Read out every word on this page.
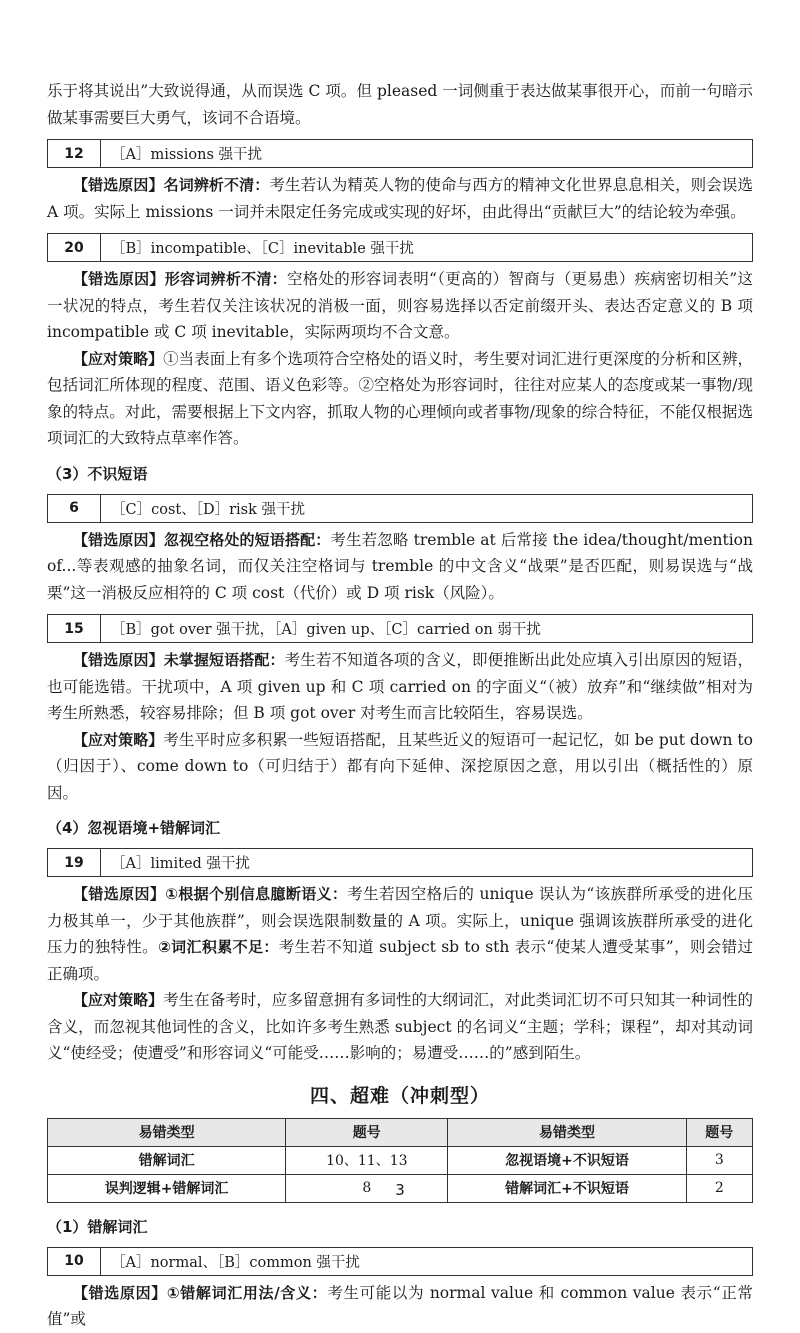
乐于将其说出”大致说得通，从而误选 C 项。但 pleased 一词侧重于表达做某事很开心，而前一句暗示做某事需要巨大勇气，该词不合语境。

12	［A］missions 强干扰

【错选原因】名词辨析不清：考生若认为精英人物的使命与西方的精神文化世界息息相关，则会误选 A 项。实际上 missions 一词并未限定任务完成或实现的好坏，由此得出“贡献巨大”的结论较为牵强。

20	［B］incompatible、［C］inevitable 强干扰

【错选原因】形容词辨析不清：空格处的形容词表明“（更高的）智商与（更易患）疾病密切相关”这一状况的特点，考生若仅关注该状况的消极一面，则容易选择以否定前缀开头、表达否定意义的 B 项 incompatible 或 C 项 inevitable，实际两项均不合文意。

【应对策略】①当表面上有多个选项符合空格处的语义时，考生要对词汇进行更深度的分析和区辨，包括词汇所体现的程度、范围、语义色彩等。②空格处为形容词时，往往对应某人的态度或某一事物/现象的特点。对此，需要根据上下文内容，抓取人物的心理倾向或者事物/现象的综合特征，不能仅根据选项词汇的大致特点草率作答。

（3）不识短语
6	［C］cost、［D］risk 强干扰

【错选原因】忽视空格处的短语搭配：考生若忽略 tremble at 后常接 the idea/thought/mention of...等表观感的抽象名词，而仅关注空格词与 tremble 的中文含义“战栗”是否匹配，则易误选与“战栗”这一消极反应相符的 C 项 cost（代价）或 D 项 risk（风险）。

15	［B］got over 强干扰，［A］given up、［C］carried on 弱干扰

【错选原因】未掌握短语搭配：考生若不知道各项的含义，即便推断出此处应填入引出原因的短语，也可能选错。干扰项中，A 项 given up 和 C 项 carried on 的字面义“（被）放弃”和“继续做”相对为考生所熟悉，较容易排除；但 B 项 got over 对考生而言比较陌生，容易误选。

【应对策略】考生平时应多积累一些短语搭配，且某些近义的短语可一起记忆，如 be put down to（归因于）、come down to（可归结于）都有向下延伸、深挖原因之意，用以引出（概括性的）原因。

（4）忽视语境+错解词汇
19	［A］limited 强干扰

【错选原因】①根据个别信息臆断语义：考生若因空格后的 unique 误认为“该族群所承受的进化压力极其单一，少于其他族群”，则会误选限制数量的 A 项。实际上，unique 强调该族群所承受的进化压力的独特性。②词汇积累不足：考生若不知道 subject sb to sth 表示“使某人遭受某事”，则会错过正确项。

【应对策略】考生在备考时，应多留意拥有多词性的大纲词汇，对此类词汇切不可只知其一种词性的含义，而忽视其他词性的含义，比如许多考生熟悉 subject 的名词义“主题；学科；课程”，却对其动词义“使经受；使遭受”和形容词义“可能受……影响的；易遭受……的”感到陌生。

四、超难（冲刺型）
易错类型	题号	易错类型	题号
错解词汇	10、11、13	忽视语境+不识短语	3
误判逻辑+错解词汇	8	错解词汇+不识短语	2
（1）错解词汇
10	［A］normal、［B］common 强干扰

【错选原因】①错解词汇用法/含义：考生可能以为 normal value 和 common value 表示“正常值”或

3
